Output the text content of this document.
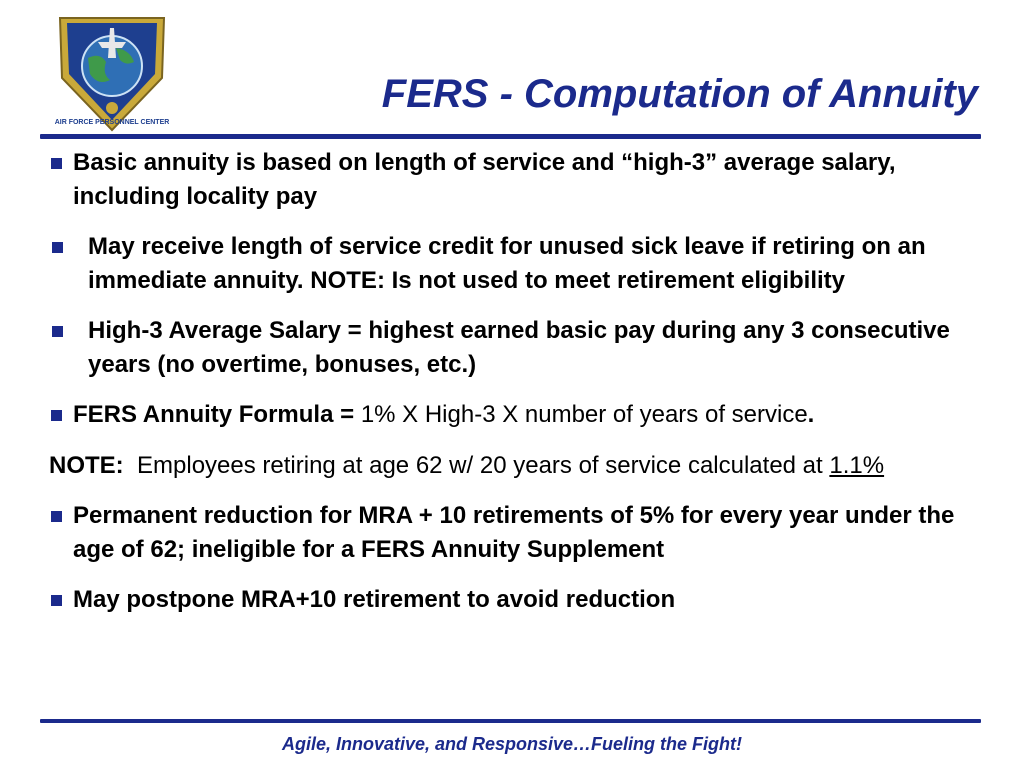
AIR FORCE PERSONNEL CENTER
FERS - Computation of Annuity
Basic annuity is based on length of service and “high-3” average salary, including locality pay
May receive length of service credit for unused sick leave if retiring on an immediate annuity. NOTE: Is not used to meet retirement eligibility
High-3 Average Salary = highest earned basic pay during any 3 consecutive years (no overtime, bonuses, etc.)
FERS Annuity Formula = 1% X High-3 X number of years of service.
NOTE:  Employees retiring at age 62 w/ 20 years of service calculated at 1.1%
Permanent reduction for MRA + 10 retirements of 5% for every year under the age of 62; ineligible for a FERS Annuity Supplement
May postpone MRA+10 retirement to avoid reduction
Agile, Innovative, and Responsive…Fueling the Fight!
